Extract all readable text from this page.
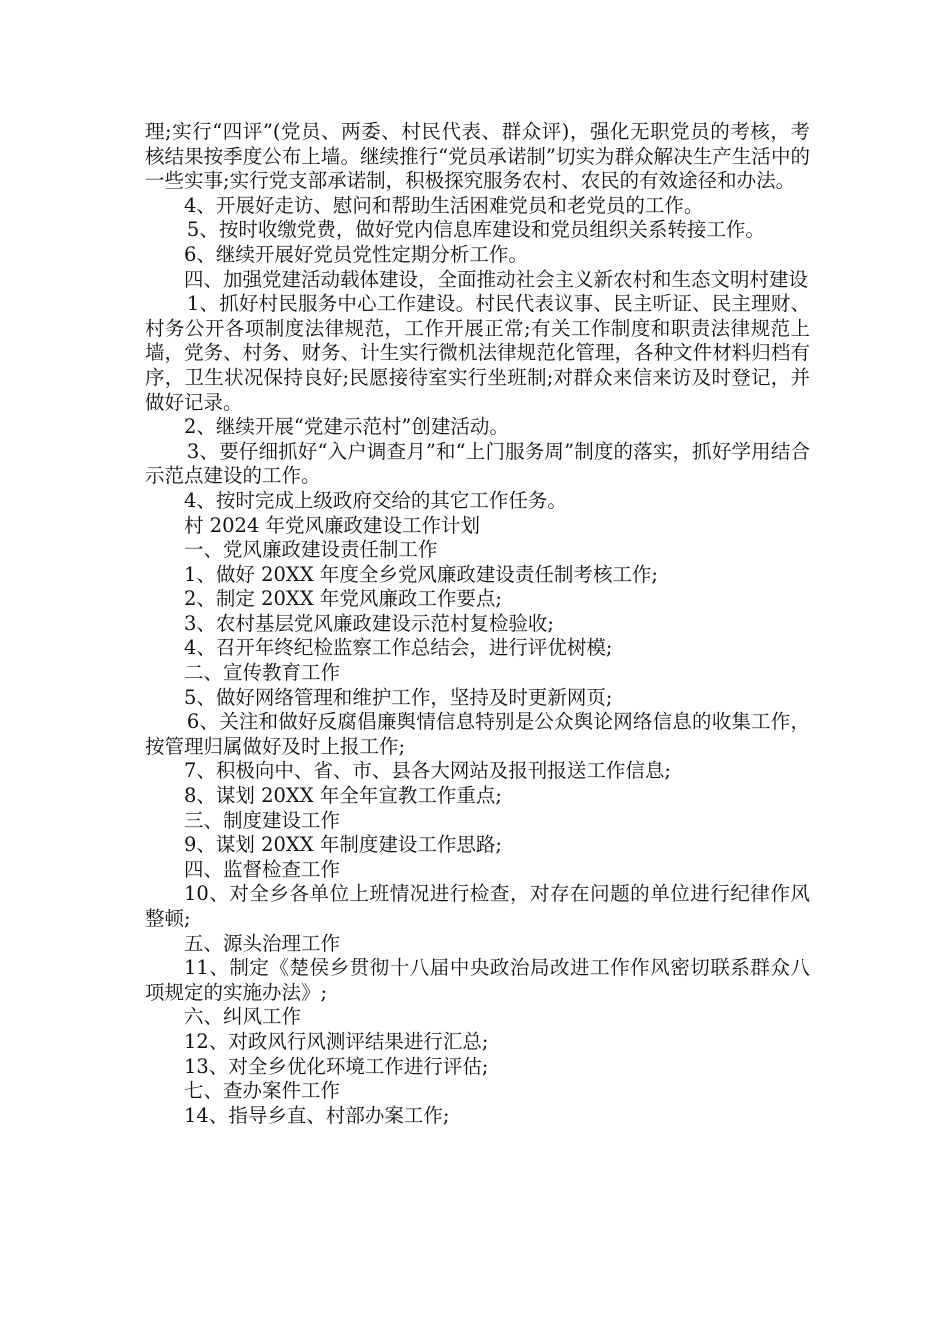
理;实行“四评”(党员、两委、村民代表、群众评)，强化无职党员的考核，考核结果按季度公布上墙。继续推行“党员承诺制”切实为群众解决生产生活中的一些实事;实行党支部承诺制，积极探究服务农村、农民的有效途径和办法。

4、开展好走访、慰问和帮助生活困难党员和老党员的工作。

5、按时收缴党费，做好党内信息库建设和党员组织关系转接工作。

6、继续开展好党员党性定期分析工作。

四、加强党建活动载体建设，全面推动社会主义新农村和生态文明村建设

1、抓好村民服务中心工作建设。村民代表议事、民主听证、民主理财、村务公开各项制度法律规范，工作开展正常;有关工作制度和职责法律规范上墙，党务、村务、财务、计生实行微机法律规范化管理，各种文件材料归档有序，卫生状况保持良好;民愿接待室实行坐班制;对群众来信来访及时登记，并做好记录。

2、继续开展“党建示范村”创建活动。

3、要仔细抓好“入户调查月”和“上门服务周”制度的落实，抓好学用结合示范点建设的工作。

4、按时完成上级政府交给的其它工作任务。

村 2024 年党风廉政建设工作计划

一、党风廉政建设责任制工作

1、做好 20XX 年度全乡党风廉政建设责任制考核工作;

2、制定 20XX 年党风廉政工作要点;

3、农村基层党风廉政建设示范村复检验收;

4、召开年终纪检监察工作总结会，进行评优树模;

二、宣传教育工作

5、做好网络管理和维护工作，坚持及时更新网页;

6、关注和做好反腐倡廉舆情信息特别是公众舆论网络信息的收集工作，按管理归属做好及时上报工作;

7、积极向中、省、市、县各大网站及报刊报送工作信息;

8、谋划 20XX 年全年宣教工作重点;

三、制度建设工作

9、谋划 20XX 年制度建设工作思路;

四、监督检查工作

10、对全乡各单位上班情况进行检查，对存在问题的单位进行纪律作风整顿;

五、源头治理工作

11、制定《楚侯乡贯彻十八届中央政治局改进工作作风密切联系群众八项规定的实施办法》;

六、纠风工作

12、对政风行风测评结果进行汇总;

13、对全乡优化环境工作进行评估;

七、查办案件工作

14、指导乡直、村部办案工作;
